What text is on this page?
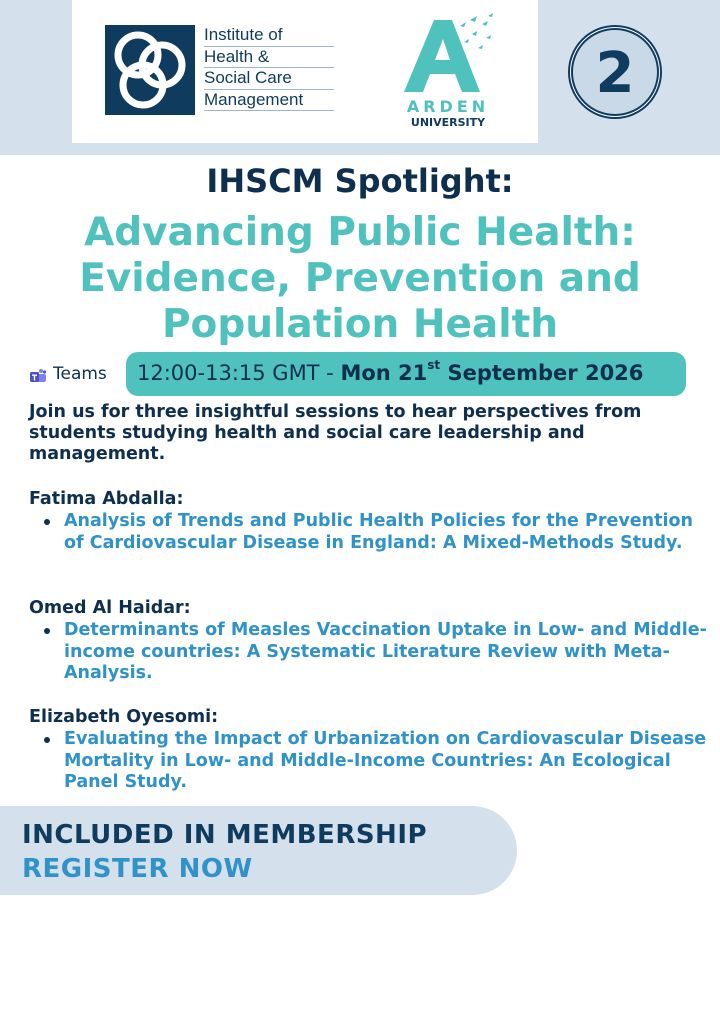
Institute of
Health &
Social Care
Management	ARDEN
UNIVERSITY
2
IHSCM Spotlight:
Advancing Public Health:
Evidence, Prevention and
Population Health
Teams 12:00-13:15 GMT - Mon 21st September 2026
Join us for three insightful sessions to hear perspectives from students studying health and social care leadership and management.
Fatima Abdalla:
Analysis of Trends and Public Health Policies for the Prevention of Cardiovascular Disease in England: A Mixed-Methods Study.
Omed Al Haidar:
Determinants of Measles Vaccination Uptake in Low- and Middle-income countries: A Systematic Literature Review with Meta-Analysis.
Elizabeth Oyesomi:
Evaluating the Impact of Urbanization on Cardiovascular Disease Mortality in Low- and Middle-Income Countries: An Ecological Panel Study.
INCLUDED IN MEMBERSHIP
REGISTER NOW
